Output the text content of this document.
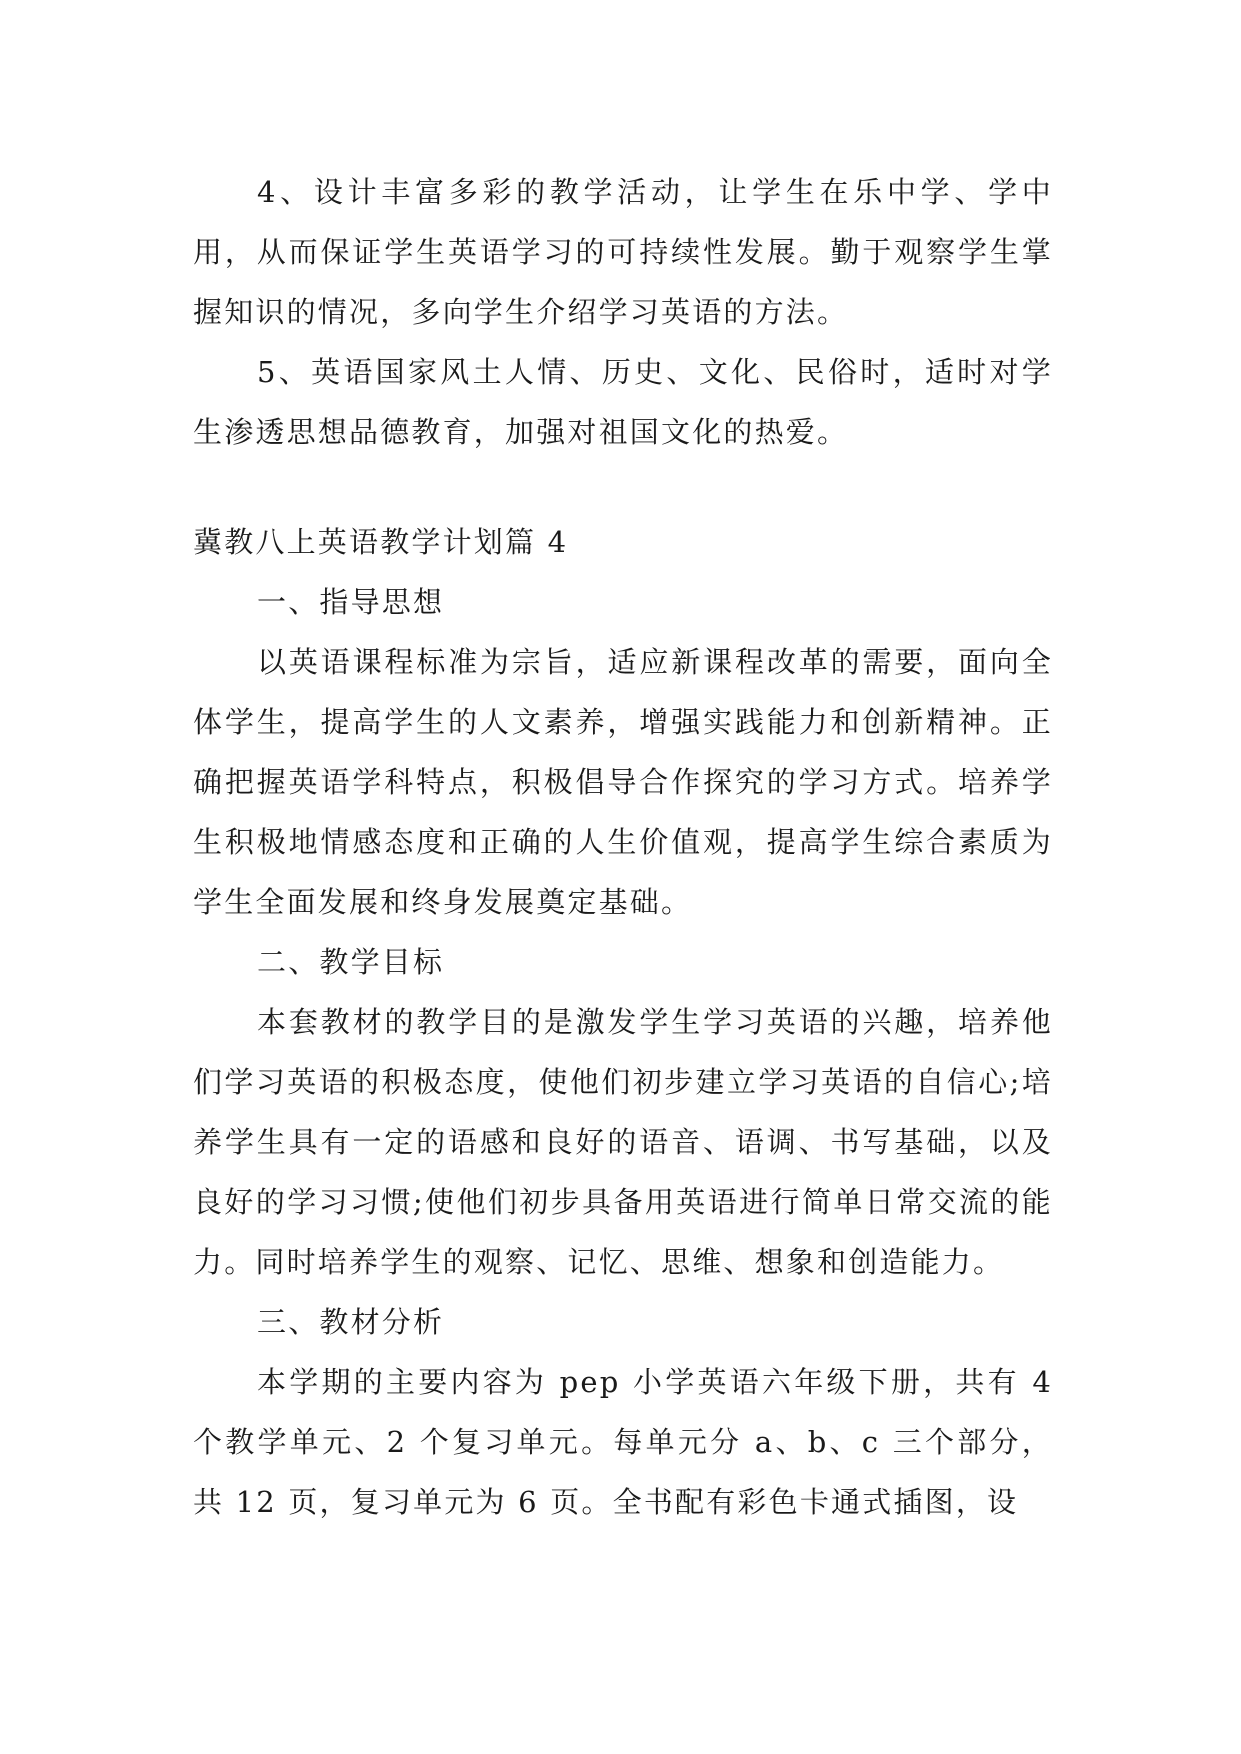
4、设计丰富多彩的教学活动，让学生在乐中学、学中用，从而保证学生英语学习的可持续性发展。勤于观察学生掌握知识的情况，多向学生介绍学习英语的方法。

5、英语国家风土人情、历史、文化、民俗时，适时对学生渗透思想品德教育，加强对祖国文化的热爱。

冀教八上英语教学计划篇 4

一、指导思想

以英语课程标准为宗旨，适应新课程改革的需要，面向全体学生，提高学生的人文素养，增强实践能力和创新精神。正确把握英语学科特点，积极倡导合作探究的学习方式。培养学生积极地情感态度和正确的人生价值观，提高学生综合素质为学生全面发展和终身发展奠定基础。

二、教学目标

本套教材的教学目的是激发学生学习英语的兴趣，培养他们学习英语的积极态度，使他们初步建立学习英语的自信心;培养学生具有一定的语感和良好的语音、语调、书写基础，以及良好的学习习惯;使他们初步具备用英语进行简单日常交流的能力。同时培养学生的观察、记忆、思维、想象和创造能力。

三、教材分析

本学期的主要内容为 pep 小学英语六年级下册，共有 4 个教学单元、2 个复习单元。每单元分 a、b、c 三个部分，共 12 页，复习单元为 6 页。全书配有彩色卡通式插图，设
